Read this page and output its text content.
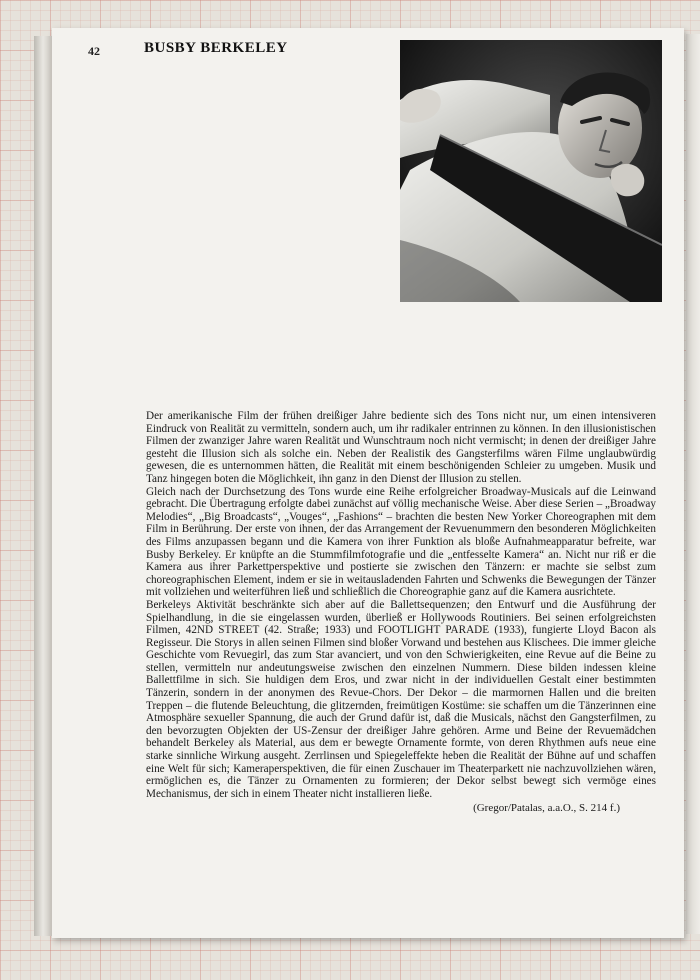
42	BUSBY BERKELEY

Der amerikanische Film der frühen dreißiger Jahre bediente sich des Tons nicht nur, um einen intensiveren Eindruck von Realität zu vermitteln, sondern auch, um ihr radikaler entrinnen zu können. In den illusionistischen Filmen der zwanziger Jahre waren Realität und Wunschtraum noch nicht vermischt; in denen der dreißiger Jahre gesteht die Illusion sich als solche ein. Neben der Realistik des Gangsterfilms wären Filme unglaubwürdig gewesen, die es unternommen hätten, die Realität mit einem beschönigenden Schleier zu umgeben. Musik und Tanz hingegen boten die Möglichkeit, ihn ganz in den Dienst der Illusion zu stellen.

Gleich nach der Durchsetzung des Tons wurde eine Reihe erfolgreicher Broadway-Musicals auf die Leinwand gebracht. Die Übertragung erfolgte dabei zunächst auf völlig mechanische Weise. Aber diese Serien – „Broadway Melodies“, „Big Broadcasts“, „Vouges“, „Fashions“ – brachten die besten New Yorker Choreographen mit dem Film in Berührung. Der erste von ihnen, der das Arrangement der Revuenummern den besonderen Möglichkeiten des Films anzupassen begann und die Kamera von ihrer Funktion als bloße Aufnahmeapparatur befreite, war Busby Berkeley. Er knüpfte an die Stummfilmfotografie und die „entfesselte Kamera“ an. Nicht nur riß er die Kamera aus ihrer Parkettperspektive und postierte sie zwischen den Tänzern: er machte sie selbst zum choreographischen Element, indem er sie in weitausladenden Fahrten und Schwenks die Bewegungen der Tänzer mit vollziehen und weiterführen ließ und schließlich die Choreographie ganz auf die Kamera ausrichtete.

Berkeleys Aktivität beschränkte sich aber auf die Ballettsequenzen; den Entwurf und die Ausführung der Spielhandlung, in die sie eingelassen wurden, überließ er Hollywoods Routiniers. Bei seinen erfolgreichsten Filmen, 42ND STREET (42. Straße; 1933) und FOOTLIGHT PARADE (1933), fungierte Lloyd Bacon als Regisseur. Die Storys in allen seinen Filmen sind bloßer Vorwand und bestehen aus Klischees. Die immer gleiche Geschichte vom Revuegirl, das zum Star avanciert, und von den Schwierigkeiten, eine Revue auf die Beine zu stellen, vermitteln nur andeutungsweise zwischen den einzelnen Nummern. Diese bilden indessen kleine Ballettfilme in sich. Sie huldigen dem Eros, und zwar nicht in der individuellen Gestalt einer bestimmten Tänzerin, sondern in der anonymen des Revue-Chors. Der Dekor – die marmornen Hallen und die breiten Treppen – die flutende Beleuchtung, die glitzernden, freimütigen Kostüme: sie schaffen um die Tänzerinnen eine Atmosphäre sexueller Spannung, die auch der Grund dafür ist, daß die Musicals, nächst den Gangsterfilmen, zu den bevorzugten Objekten der US-Zensur der dreißiger Jahre gehören. Arme und Beine der Revuemädchen behandelt Berkeley als Material, aus dem er bewegte Ornamente formte, von deren Rhythmen aufs neue eine starke sinnliche Wirkung ausgeht. Zerrlinsen und Spiegeleffekte heben die Realität der Bühne auf und schaffen eine Welt für sich; Kameraperspektiven, die für einen Zuschauer im Theaterparkett nie nachzuvollziehen wären, ermöglichen es, die Tänzer zu Ornamenten zu formieren; der Dekor selbst bewegt sich vermöge eines Mechanismus, der sich in einem Theater nicht installieren ließe.

(Gregor/Patalas, a.a.O., S. 214 f.)
